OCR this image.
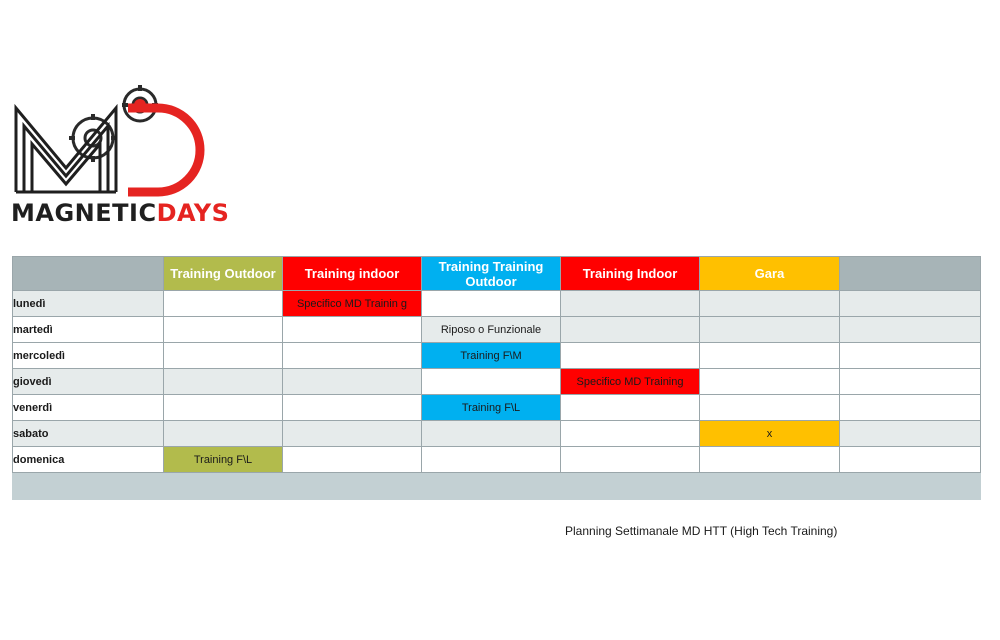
MAGNETICDAYS
	Training Outdoor	Training indoor	Training Training Outdoor	Training Indoor	Gara	
lunedì		Specifico MD Trainin g				
martedì			Riposo o Funzionale			
mercoledì			Training F\M			
giovedì				Specifico MD Training		
venerdì			Training F\L			
sabato					x	
domenica	Training F\L					

Planning Settimanale MD HTT (High Tech Training)
